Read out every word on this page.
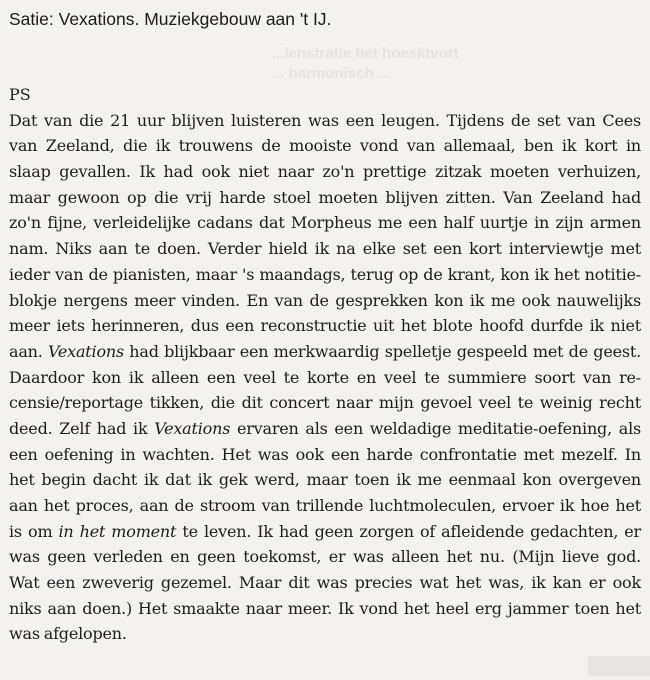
...lenstratie het hoesktvort
... harmonisch ...
Satie: Vexations. Muziekgebouw aan 't IJ.

PS

Dat van die 21 uur blijven luisteren was een leugen. Tijdens de set van Cees
van Zeeland, die ik trouwens de mooiste vond van allemaal, ben ik kort in
slaap gevallen. Ik had ook niet naar zo'n prettige zitzak moeten verhuizen,
maar gewoon op die vrij harde stoel moeten blijven zitten. Van Zeeland had
zo'n fijne, verleidelijke cadans dat Morpheus me een half uurtje in zijn armen
nam. Niks aan te doen. Verder hield ik na elke set een kort interviewtje met
ieder van de pianisten, maar 's maandags, terug op de krant, kon ik het notitie-
blokje nergens meer vinden. En van de gesprekken kon ik me ook nauwelijks
meer iets herinneren, dus een reconstructie uit het blote hoofd durfde ik niet
aan. Vexations had blijkbaar een merkwaardig spelletje gespeeld met de geest.
Daardoor kon ik alleen een veel te korte en veel te summiere soort van re-
censie/reportage tikken, die dit concert naar mijn gevoel veel te weinig recht
deed. Zelf had ik Vexations ervaren als een weldadige meditatie-oefening, als
een oefening in wachten. Het was ook een harde confrontatie met mezelf. In
het begin dacht ik dat ik gek werd, maar toen ik me eenmaal kon overgeven
aan het proces, aan de stroom van trillende luchtmoleculen, ervoer ik hoe het
is om in het moment te leven. Ik had geen zorgen of afleidende gedachten, er
was geen verleden en geen toekomst, er was alleen het nu. (Mijn lieve god.
Wat een zweverig gezemel. Maar dit was precies wat het was, ik kan er ook
niks aan doen.) Het smaakte naar meer. Ik vond het heel erg jammer toen het
was afgelopen.
